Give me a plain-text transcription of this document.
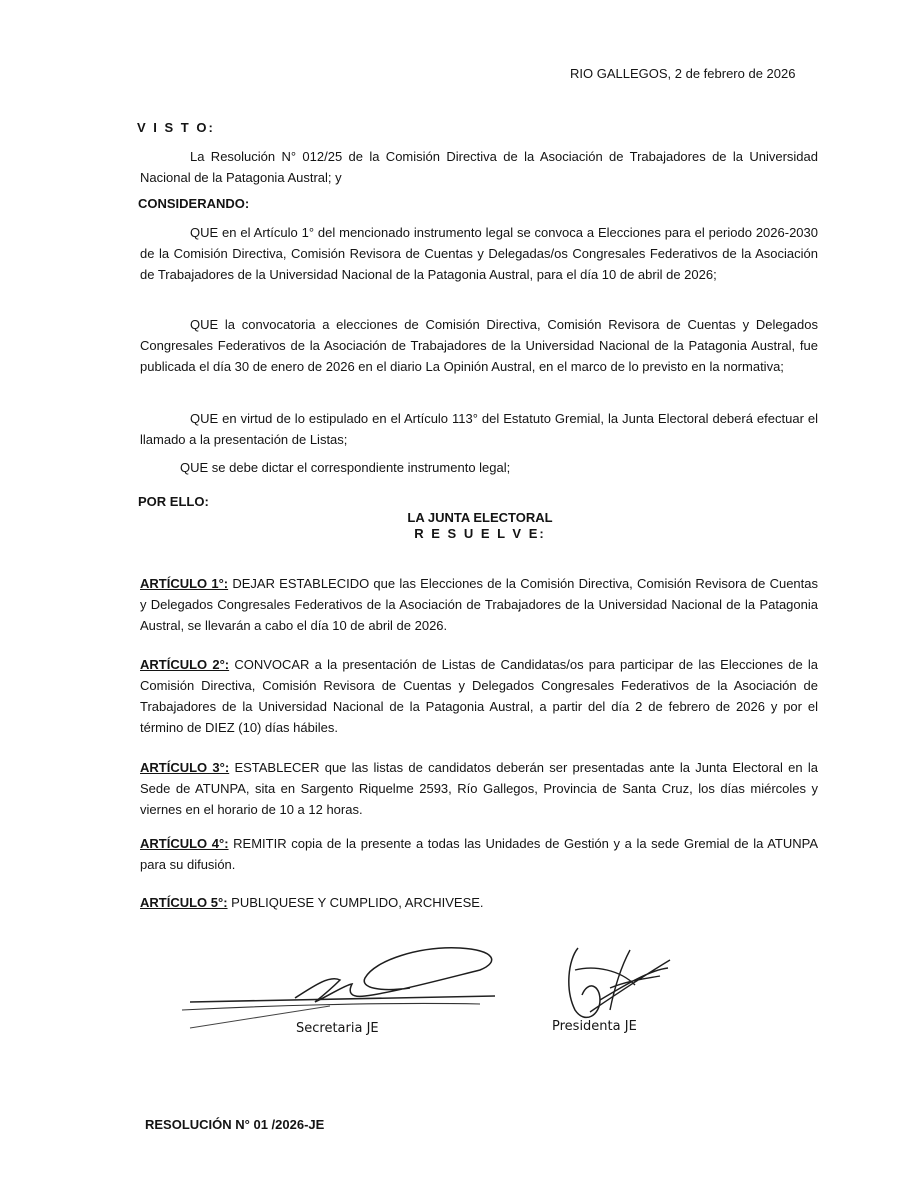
RIO GALLEGOS, 2 de febrero de 2026
V I S T O:
La Resolución N° 012/25 de la Comisión Directiva de la Asociación de Trabajadores de la Universidad Nacional de la Patagonia Austral; y
CONSIDERANDO:
QUE en el Artículo 1° del mencionado instrumento legal se convoca a Elecciones para el periodo 2026-2030 de la Comisión Directiva, Comisión Revisora de Cuentas y Delegadas/os Congresales Federativos de la Asociación de Trabajadores de la Universidad Nacional de la Patagonia Austral, para el día 10 de abril de 2026;
QUE la convocatoria a elecciones de Comisión Directiva, Comisión Revisora de Cuentas y Delegados Congresales Federativos de la Asociación de Trabajadores de la Universidad Nacional de la Patagonia Austral, fue publicada el día 30 de enero de 2026 en el diario La Opinión Austral, en el marco de lo previsto en la normativa;
QUE en virtud de lo estipulado en el Artículo 113° del Estatuto Gremial, la Junta Electoral deberá efectuar el llamado a la presentación de Listas;
QUE se debe dictar el correspondiente instrumento legal;
POR ELLO:
LA JUNTA ELECTORAL
R E S U E L V E:
ARTÍCULO 1°: DEJAR ESTABLECIDO que las Elecciones de la Comisión Directiva, Comisión Revisora de Cuentas y Delegados Congresales Federativos de la Asociación de Trabajadores de la Universidad Nacional de la Patagonia Austral, se llevarán a cabo el día 10 de abril de 2026.
ARTÍCULO 2°: CONVOCAR a la presentación de Listas de Candidatas/os para participar de las Elecciones de la Comisión Directiva, Comisión Revisora de Cuentas y Delegados Congresales Federativos de la Asociación de Trabajadores de la Universidad Nacional de la Patagonia Austral, a partir del día 2 de febrero de 2026 y por el término de DIEZ (10) días hábiles.
ARTÍCULO 3°: ESTABLECER que las listas de candidatos deberán ser presentadas ante la Junta Electoral en la Sede de ATUNPA, sita en Sargento Riquelme 2593, Río Gallegos, Provincia de Santa Cruz, los días miércoles y viernes en el horario de 10 a 12 horas.
ARTÍCULO 4°: REMITIR copia de la presente a todas las Unidades de Gestión y a la sede Gremial de la ATUNPA para su difusión.
ARTÍCULO 5°: PUBLIQUESE Y CUMPLIDO, ARCHIVESE.
Secretaria JE	Presidenta JE
RESOLUCIÓN N° 01 /2026-JE
